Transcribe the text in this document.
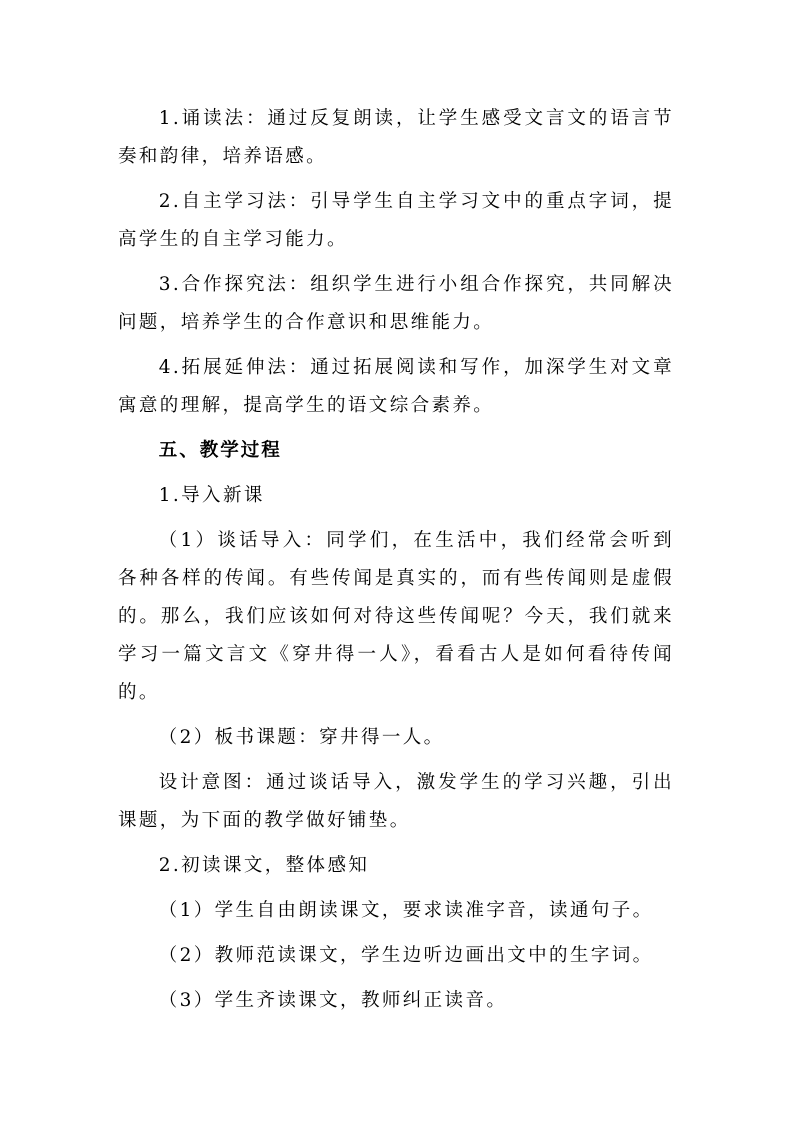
1.诵读法：通过反复朗读，让学生感受文言文的语言节奏和韵律，培养语感。

2.自主学习法：引导学生自主学习文中的重点字词，提高学生的自主学习能力。

3.合作探究法：组织学生进行小组合作探究，共同解决问题，培养学生的合作意识和思维能力。

4.拓展延伸法：通过拓展阅读和写作，加深学生对文章寓意的理解，提高学生的语文综合素养。

五、教学过程

1.导入新课

（1）谈话导入：同学们，在生活中，我们经常会听到各种各样的传闻。有些传闻是真实的，而有些传闻则是虚假的。那么，我们应该如何对待这些传闻呢？今天，我们就来学习一篇文言文《穿井得一人》，看看古人是如何看待传闻的。

（2）板书课题：穿井得一人。

设计意图：通过谈话导入，激发学生的学习兴趣，引出课题，为下面的教学做好铺垫。

2.初读课文，整体感知

（1）学生自由朗读课文，要求读准字音，读通句子。

（2）教师范读课文，学生边听边画出文中的生字词。

（3）学生齐读课文，教师纠正读音。
